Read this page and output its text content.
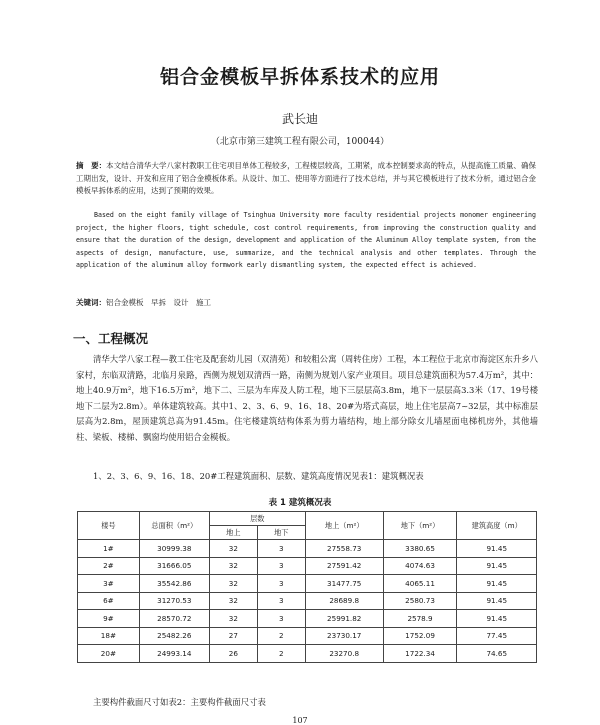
铝合金模板早拆体系技术的应用
武长迪
（北京市第三建筑工程有限公司，100044）
摘　要：本文结合清华大学八家村教职工住宅项目单体工程较多，工程楼层较高，工期紧，成本控制要求高的特点，从提高施工质量、确保工期出发，设计、开发和应用了铝合金模板体系。从设计、加工、使用等方面进行了技术总结，并与其它模板进行了技术分析，通过铝合金模板早拆体系的应用，达到了预期的效果。
Based on the eight family village of Tsinghua University more faculty residential projects monomer engineering project, the higher floors, tight schedule, cost control requirements, from improving the construction quality and ensure that the duration of the design, development and application of the Aluminum Alloy template system, from the aspects of design, manufacture, use, summarize, and the technical analysis and other templates. Through the application of the aluminum alloy formwork early dismantling system, the expected effect is achieved.
关键词：铝合金模板　早拆　设计　施工
一、工程概况
清华大学八家工程—教工住宅及配套幼儿园（双清苑）和较粗公寓（周转住房）工程，本工程位于北京市海淀区东升乡八家村，东临双清路，北临月泉路，西侧为规划双清西一路，南侧为规划八家产业项目。项目总建筑面积为57.4万m²，其中：地上40.9万m²，地下16.5万m²，地下二、三层为车库及人防工程，地下三层层高3.8m，地下一层层高3.3米（17、19号楼地下二层为2.8m）。单体建筑较高。其中1、2、3、6、9、16、18、20#为塔式高层，地上住宅层高7~32层，其中标准层层高为2.8m，屋顶建筑总高为91.45m。住宅楼建筑结构体系为剪力墙结构，地上部分除女儿墙屋面电梯机房外，其他墙柱、梁板、楼梯、飘窗均使用铝合金模板。
1、2、3、6、9、16、18、20#工程建筑面积、层数、建筑高度情况见表1：建筑概况表
表 1 建筑概况表
楼号	总面积（m²）	层数		地上（m²）	地下（m²）	建筑高度（m）
		地上	地下			
1#	30999.38	32	3	27558.73	3380.65	91.45
2#	31666.05	32	3	27591.42	4074.63	91.45
3#	35542.86	32	3	31477.75	4065.11	91.45
6#	31270.53	32	3	28689.8	2580.73	91.45
9#	28570.72	32	3	25991.82	2578.9	91.45
18#	25482.26	27	2	23730.17	1752.09	77.45
20#	24993.14	26	2	23270.8	1722.34	74.65
主要构件截面尺寸如表2：主要构件截面尺寸表
107
